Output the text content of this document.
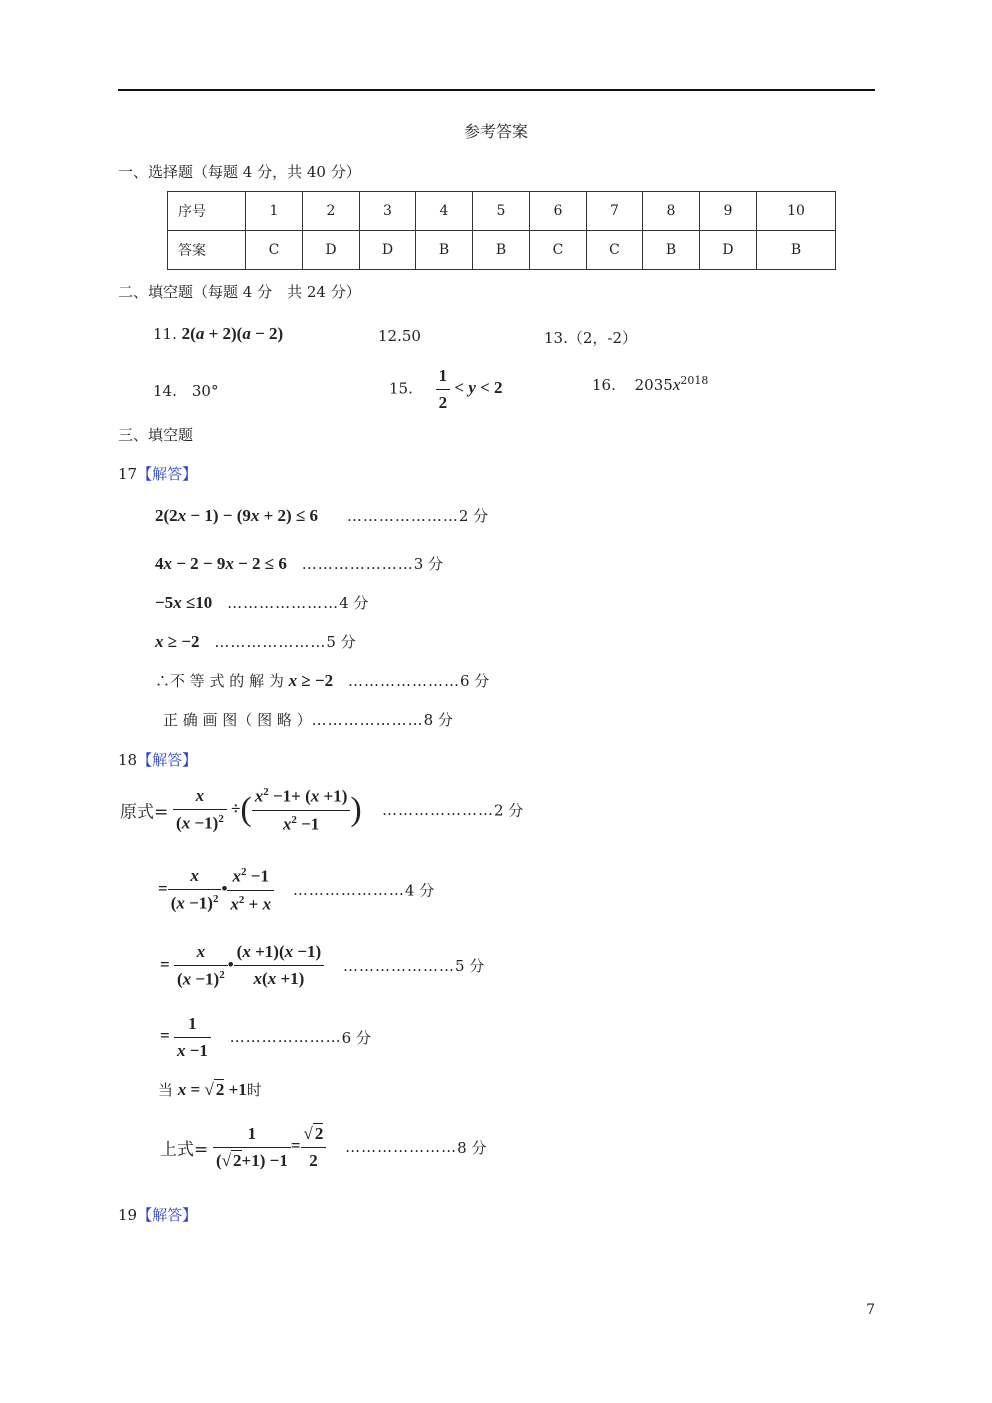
参考答案
一、选择题（每题 4 分，共 40 分）
序号	1	2	3	4	5	6	7	8	9	10
答案	C	D	D	B	B	C	C	B	D	B
二、填空题（每题 4 分　共 24 分）
11. 2(a + 2)(a − 2)	12.50	13.（2，-2）
14.　30°	15. $\frac{1}{2} < y < 2$	16. $2035x^{2018}$
三、填空题
17【解答】
2(2x − 1) − (9x + 2) ≤ 6 …………………2 分
4x − 2 − 9x − 2 ≤ 6 …………………3 分
−5x ≤10 …………………4 分
x ≥ −2 …………………5 分
∴不 等 式 的 解 为 x ≥ −2 …………………6 分
正 确 画 图（ 图 略 ）…………………8 分
18【解答】
原式= $\frac{x}{(x -1)^2}$ ÷( $\frac{x^2 -1+ (x +1)}{x^2 -1}$ ) …………………2 分
= $\frac{x}{(x -1)^2}$ • $\frac{x^2 -1}{x^2 + x}$ …………………4 分
= $\frac{x}{(x -1)^2}$ • $\frac{(x +1)(x -1)}{x(x +1)}$ …………………5 分
= $\frac{1}{x -1}$ …………………6 分
当 x = √ 2 +1时
上式= $\frac{1}{(√ 2+1) -1} = \frac{√ 2}{2}$ …………………8 分
19【解答】
7
